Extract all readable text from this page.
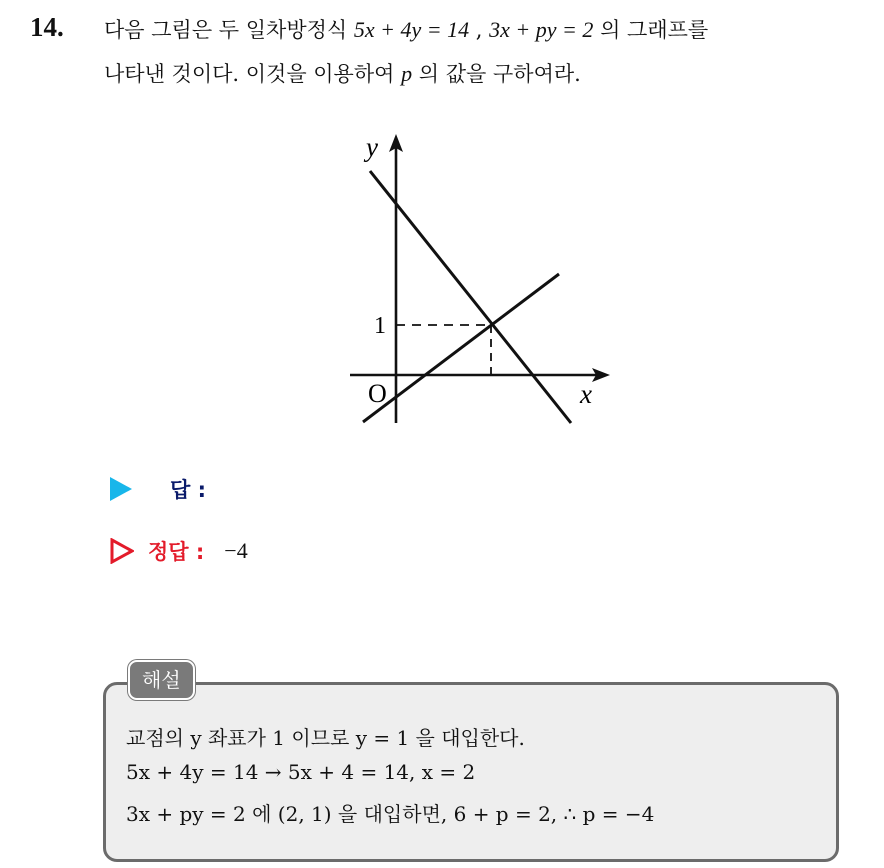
14. 다음 그림은 두 일차방정식 5x + 4y = 14 , 3x + py = 2 의 그래프를
나타낸 것이다. 이것을 이용하여 p 의 값을 구하여라.
y
x
O
1
답 :
정답 : −4
해설
교점의 y 좌표가 1 이므로 y = 1 을 대입한다.
5x + 4y = 14 → 5x + 4 = 14, x = 2
3x + py = 2 에 (2, 1) 을 대입하면, 6 + p = 2, ∴ p = −4
